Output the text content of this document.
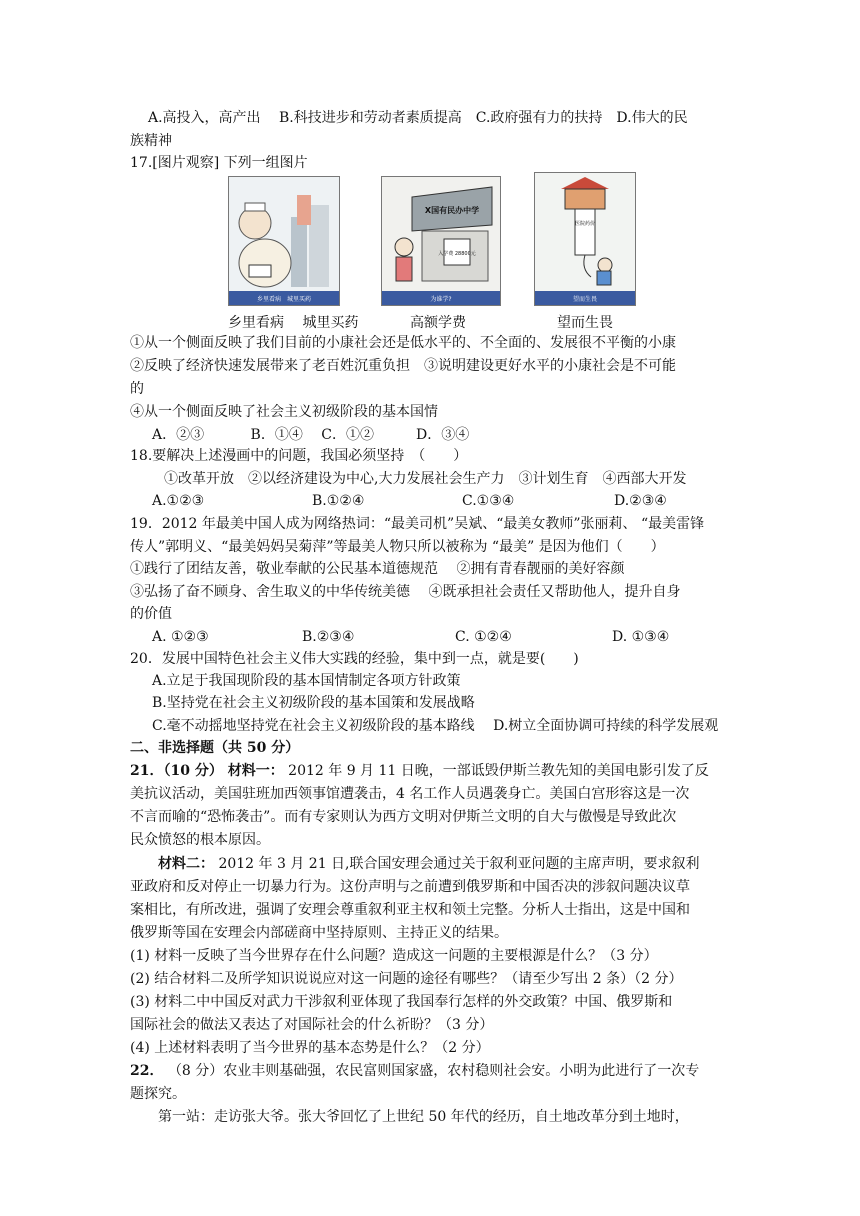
A.高投入，高产出　 B.科技进步和劳动者素质提高　C.政府强有力的扶持　D.伟大的民
族精神
17.[图片观察] 下列一组图片
乡里看病　城里买药
X国有民办中学
入学费 28800元
为谁学?
医院药价
望而生畏
乡里看病　 城里买药	高额学费	望而生畏
①从一个侧面反映了我们目前的小康社会还是低水平的、不全面的、发展很不平衡的小康
②反映了经济快速发展带来了老百姓沉重负担　③说明建设更好水平的小康社会是不可能
的
④从一个侧面反映了社会主义初级阶段的基本国情
A．②③　　　 B．①④　 C．①②　　　D．③④
18.要解决上述漫画中的问题，我国必须坚持　（　　）
①改革开放　②以经济建设为中心,大力发展社会生产力　③计划生育　④西部大开发
A.①②③	B.①②④	C.①③④	D.②③④
19．2012 年最美中国人成为网络热词：“最美司机”吴斌、“最美女教师”张丽莉、 “最美雷锋
传人”郭明义、“最美妈妈吴菊萍”等最美人物只所以被称为 “最美” 是因为他们（　　）
①践行了团结友善，敬业奉献的公民基本道德规范　 ②拥有青春靓丽的美好容颜
③弘扬了奋不顾身、舍生取义的中华传统美德　 ④既承担社会责任又帮助他人，提升自身
的价值
A. ①②③	B.②③④	C. ①②④	D. ①③④
20．发展中国特色社会主义伟大实践的经验，集中到一点，就是要(　　)
A.立足于我国现阶段的基本国情制定各项方针政策
B.坚持党在社会主义初级阶段的基本国策和发展战略
C.毫不动摇地坚持党在社会主义初级阶段的基本路线　 D.树立全面协调可持续的科学发展观
二、非选择题（共 50 分）
21．（10 分） 材料一： 2012 年 9 月 11 日晚，一部诋毁伊斯兰教先知的美国电影引发了反
美抗议活动，美国驻班加西领事馆遭袭击，4 名工作人员遇袭身亡。美国白宫形容这是一次
不言而喻的“恐怖袭击”。而有专家则认为西方文明对伊斯兰文明的自大与傲慢是导致此次
民众愤怒的根本原因。
材料二： 2012 年 3 月 21 日,联合国安理会通过关于叙利亚问题的主席声明，要求叙利
亚政府和反对停止一切暴力行为。这份声明与之前遭到俄罗斯和中国否决的涉叙问题决议草
案相比，有所改进，强调了安理会尊重叙利亚主权和领土完整。分析人士指出，这是中国和
俄罗斯等国在安理会内部磋商中坚持原则、主持正义的结果。
(1) 材料一反映了当今世界存在什么问题？造成这一问题的主要根源是什么？（3 分）
(2) 结合材料二及所学知识说说应对这一问题的途径有哪些？（请至少写出 2 条）（2 分）
(3) 材料二中中国反对武力干涉叙利亚体现了我国奉行怎样的外交政策？中国、俄罗斯和
国际社会的做法又表达了对国际社会的什么祈盼？（3 分）
(4) 上述材料表明了当今世界的基本态势是什么？（2 分）
22． （8 分）农业丰则基础强，农民富则国家盛，农村稳则社会安。小明为此进行了一次专
题探究。
第一站：走访张大爷。张大爷回忆了上世纪 50 年代的经历，自土地改革分到土地时，
